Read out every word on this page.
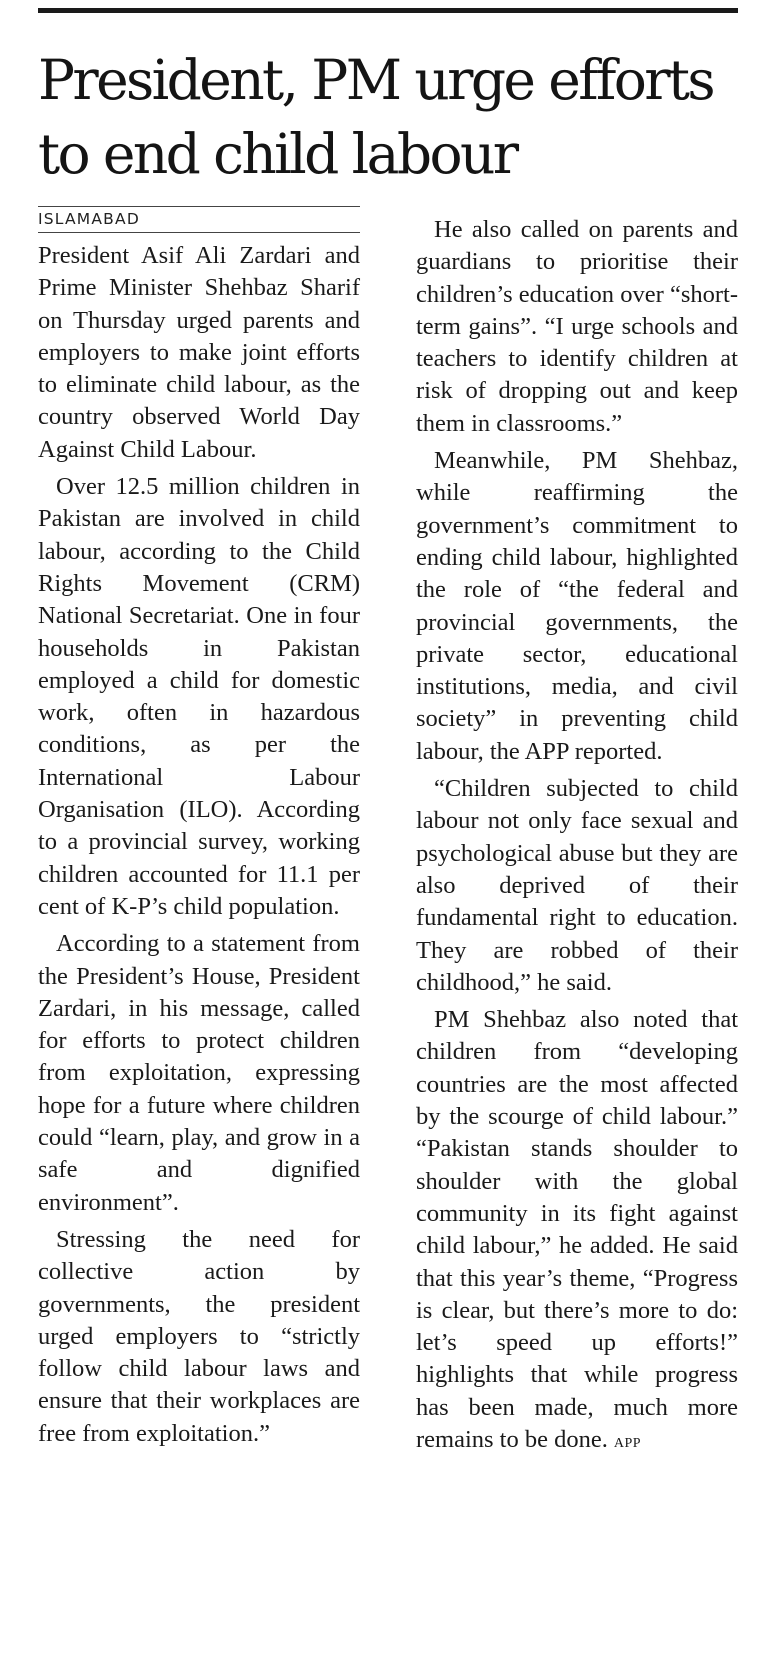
President, PM urge efforts to end child labour
ISLAMABAD

President Asif Ali Zardari and Prime Minister Shehbaz Sharif on Thursday urged parents and employers to make joint efforts to eliminate child labour, as the country observed World Day Against Child Labour.

Over 12.5 million children in Pakistan are involved in child labour, according to the Child Rights Movement (CRM) National Secretariat. One in four households in Pakistan employed a child for domestic work, often in hazardous conditions, as per the International Labour Organisation (ILO). According to a provincial survey, working children accounted for 11.1 per cent of K-P’s child population.

According to a statement from the President’s House, President Zardari, in his message, called for efforts to protect children from exploitation, expressing hope for a future where children could “learn, play, and grow in a safe and dignified environment”.

Stressing the need for collective action by governments, the president urged employers to “strictly follow child labour laws and ensure that their workplaces are free from exploitation.”

He also called on parents and guardians to prioritise their children’s education over “short-term gains”. “I urge schools and teachers to identify children at risk of dropping out and keep them in classrooms.”

Meanwhile, PM Shehbaz, while reaffirming the government’s commitment to ending child labour, highlighted the role of “the federal and provincial governments, the private sector, educational institutions, media, and civil society” in preventing child labour, the APP reported.

“Children subjected to child labour not only face sexual and psychological abuse but they are also deprived of their fundamental right to education. They are robbed of their childhood,” he said.

PM Shehbaz also noted that children from “developing countries are the most affected by the scourge of child labour.” “Pakistan stands shoulder to shoulder with the global community in its fight against child labour,” he added. He said that this year’s theme, “Progress is clear, but there’s more to do: let’s speed up efforts!” highlights that while progress has been made, much more remains to be done. APP
